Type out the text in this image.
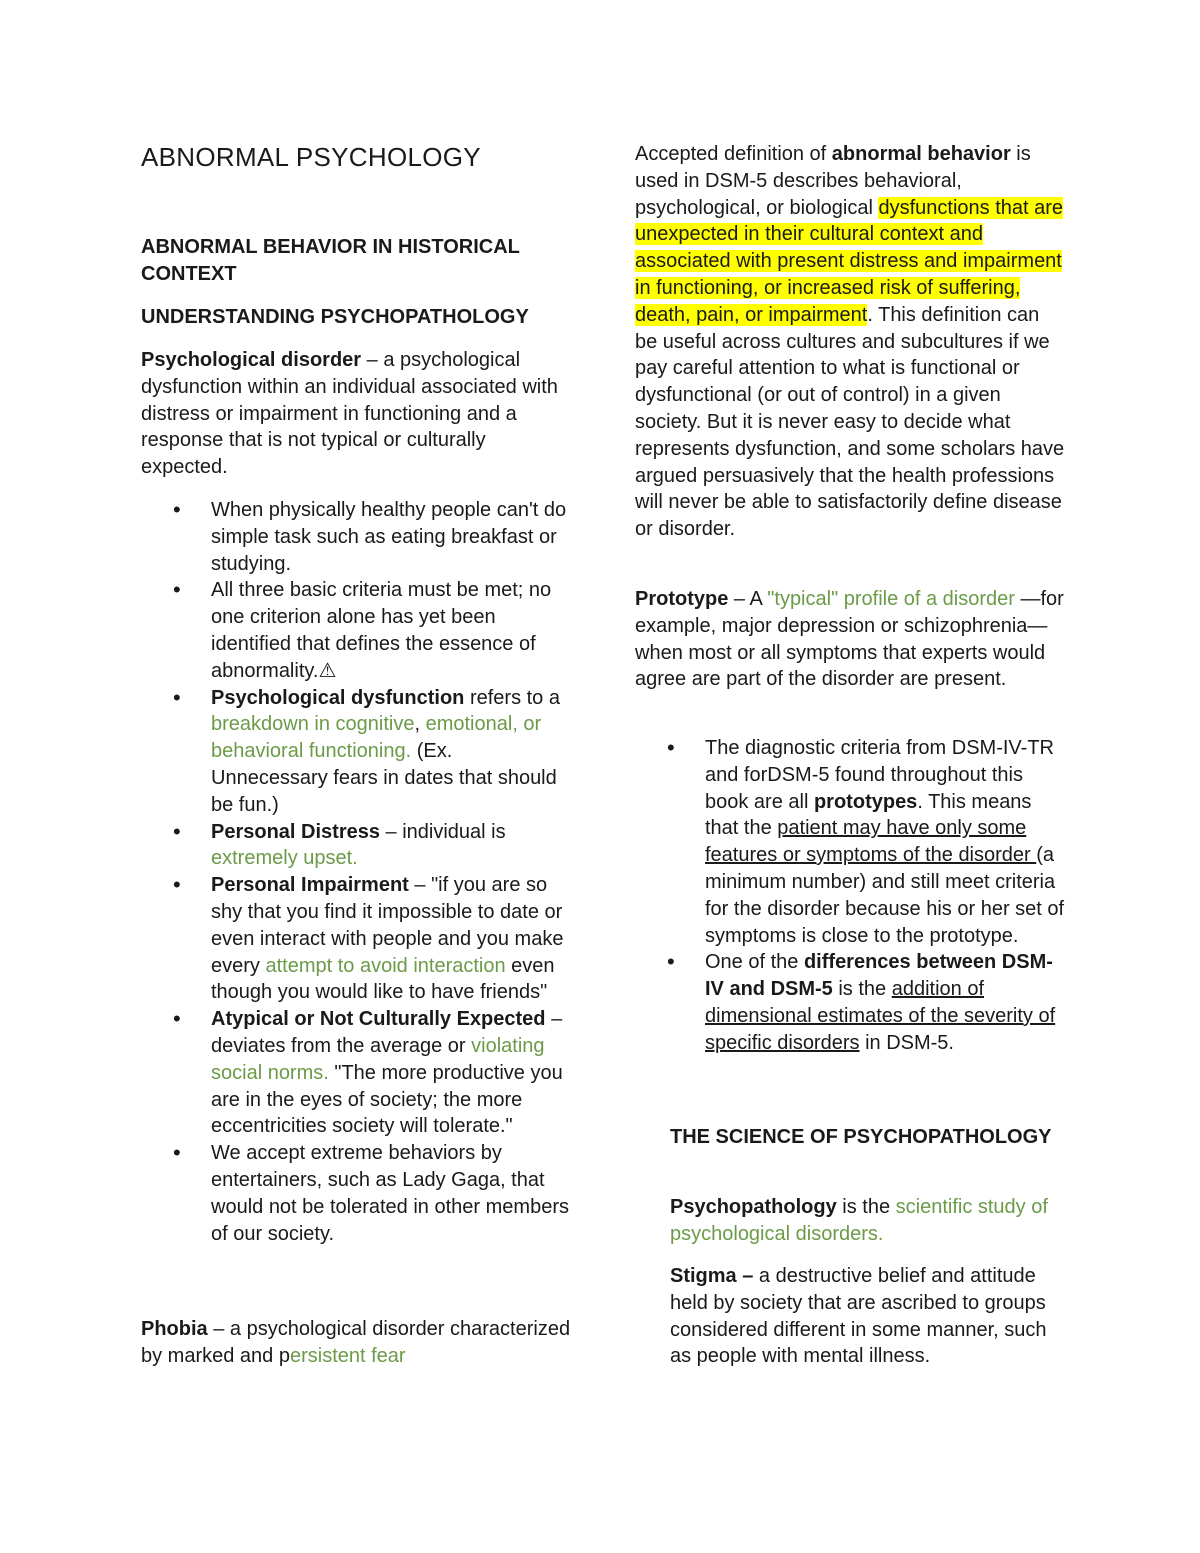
ABNORMAL PSYCHOLOGY

ABNORMAL BEHAVIOR IN HISTORICAL CONTEXT

UNDERSTANDING PSYCHOPATHOLOGY

Psychological disorder – a psychological dysfunction within an individual associated with distress or impairment in functioning and a response that is not typical or culturally expected.

• When physically healthy people can't do simple task such as eating breakfast or studying.
• All three basic criteria must be met; no one criterion alone has yet been identified that defines the essence of abnormality.⚠
• Psychological dysfunction refers to a breakdown in cognitive, emotional, or behavioral functioning. (Ex. Unnecessary fears in dates that should be fun.)
• Personal Distress – individual is extremely upset.
• Personal Impairment – "if you are so shy that you find it impossible to date or even interact with people and you make every attempt to avoid interaction even though you would like to have friends"
• Atypical or Not Culturally Expected – deviates from the average or violating social norms. "The more productive you are in the eyes of society; the more eccentricities society will tolerate."
• We accept extreme behaviors by entertainers, such as Lady Gaga, that would not be tolerated in other members of our society.

Phobia – a psychological disorder characterized by marked and persistent fear

Accepted definition of abnormal behavior is used in DSM-5 describes behavioral, psychological, or biological dysfunctions that are unexpected in their cultural context and associated with present distress and impairment in functioning, or increased risk of suffering, death, pain, or impairment. This definition can be useful across cultures and subcultures if we pay careful attention to what is functional or dysfunctional (or out of control) in a given society. But it is never easy to decide what represents dysfunction, and some scholars have argued persuasively that the health professions will never be able to satisfactorily define disease or disorder.

Prototype – A "typical" profile of a disorder —for example, major depression or schizophrenia—when most or all symptoms that experts would agree are part of the disorder are present.

• The diagnostic criteria from DSM-IV-TR and forDSM-5 found throughout this book are all prototypes. This means that the patient may have only some features or symptoms of the disorder (a minimum number) and still meet criteria for the disorder because his or her set of symptoms is close to the prototype.
• One of the differences between DSM-IV and DSM-5 is the addition of dimensional estimates of the severity of specific disorders in DSM-5.

THE SCIENCE OF PSYCHOPATHOLOGY

Psychopathology is the scientific study of psychological disorders.

Stigma – a destructive belief and attitude held by society that are ascribed to groups considered different in some manner, such as people with mental illness.
